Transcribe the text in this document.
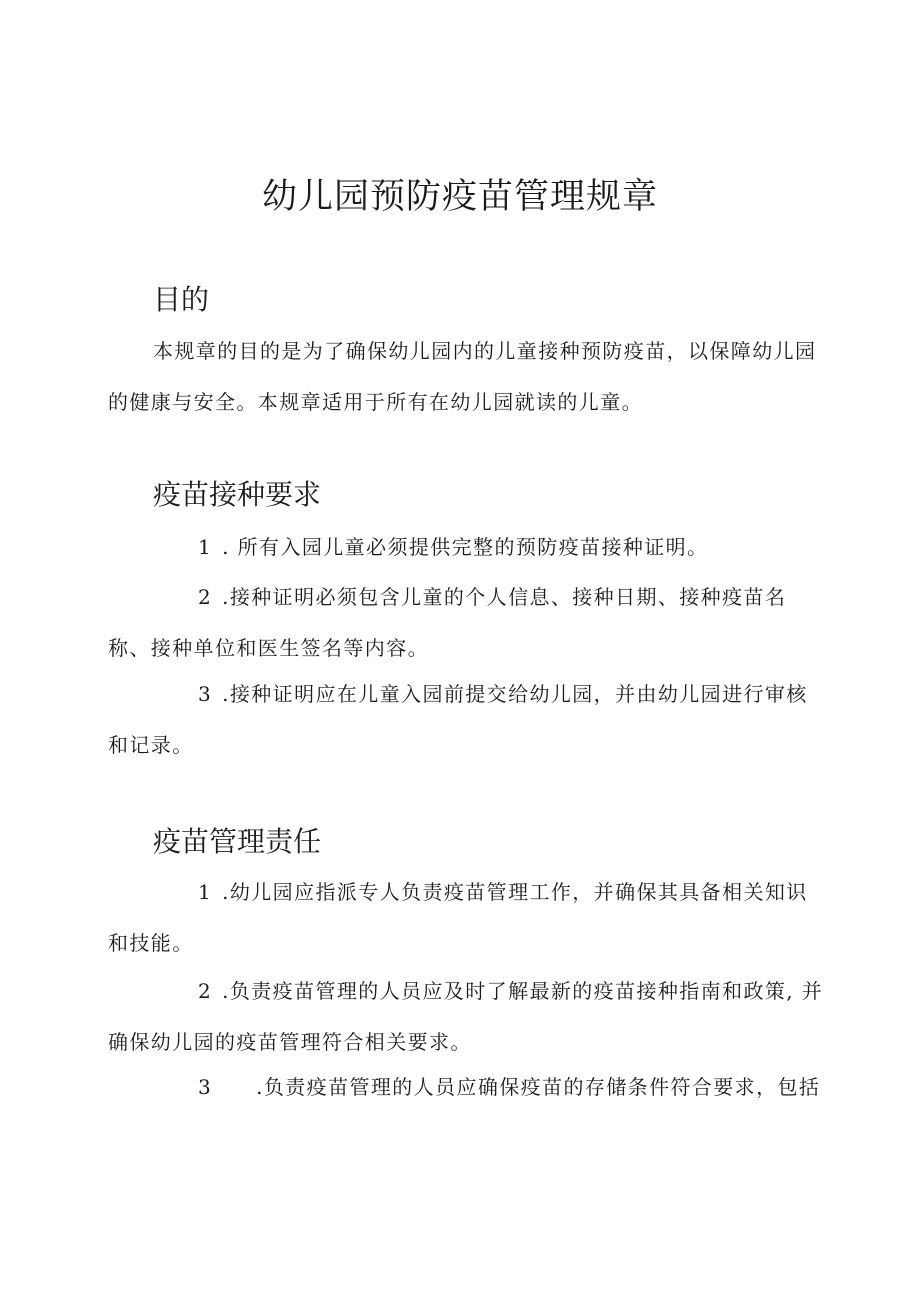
幼儿园预防疫苗管理规章
目的

本规章的目的是为了确保幼儿园内的儿童接种预防疫苗，以保障幼儿园的健康与安全。本规章适用于所有在幼儿园就读的儿童。

疫苗接种要求

1 . 所有入园儿童必须提供完整的预防疫苗接种证明。

2 .接种证明必须包含儿童的个人信息、接种日期、接种疫苗名称、接种单位和医生签名等内容。

3 .接种证明应在儿童入园前提交给幼儿园，并由幼儿园进行审核和记录。

疫苗管理责任

1 .幼儿园应指派专人负责疫苗管理工作，并确保其具备相关知识和技能。

2 .负责疫苗管理的人员应及时了解最新的疫苗接种指南和政策, 并确保幼儿园的疫苗管理符合相关要求。

3 .负责疫苗管理的人员应确保疫苗的存储条件符合要求，包括
